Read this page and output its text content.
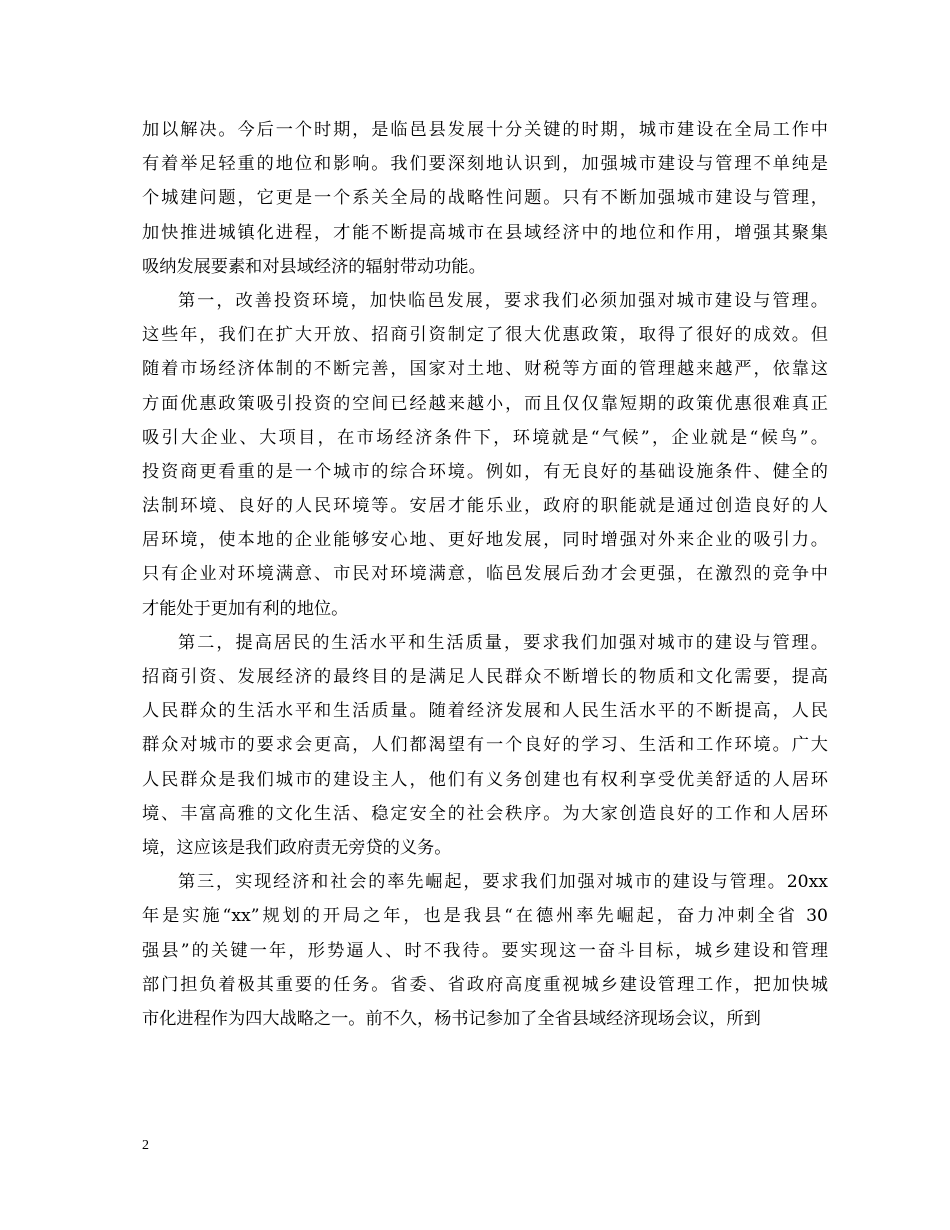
加以解决。今后一个时期，是临邑县发展十分关键的时期，城市建设在全局工作中
有着举足轻重的地位和影响。我们要深刻地认识到，加强城市建设与管理不单纯是
个城建问题，它更是一个系关全局的战略性问题。只有不断加强城市建设与管理，
加快推进城镇化进程，才能不断提高城市在县域经济中的地位和作用，增强其聚集
吸纳发展要素和对县域经济的辐射带动功能。
第一，改善投资环境，加快临邑发展，要求我们必须加强对城市建设与管理。
这些年，我们在扩大开放、招商引资制定了很大优惠政策，取得了很好的成效。但
随着市场经济体制的不断完善，国家对土地、财税等方面的管理越来越严，依靠这
方面优惠政策吸引投资的空间已经越来越小，而且仅仅靠短期的政策优惠很难真正
吸引大企业、大项目，在市场经济条件下，环境就是“气候”，企业就是“候鸟”。
投资商更看重的是一个城市的综合环境。例如，有无良好的基础设施条件、健全的
法制环境、良好的人民环境等。安居才能乐业，政府的职能就是通过创造良好的人
居环境，使本地的企业能够安心地、更好地发展，同时增强对外来企业的吸引力。
只有企业对环境满意、市民对环境满意，临邑发展后劲才会更强，在激烈的竞争中
才能处于更加有利的地位。
第二，提高居民的生活水平和生活质量，要求我们加强对城市的建设与管理。
招商引资、发展经济的最终目的是满足人民群众不断增长的物质和文化需要，提高
人民群众的生活水平和生活质量。随着经济发展和人民生活水平的不断提高，人民
群众对城市的要求会更高，人们都渴望有一个良好的学习、生活和工作环境。广大
人民群众是我们城市的建设主人，他们有义务创建也有权利享受优美舒适的人居环
境、丰富高雅的文化生活、稳定安全的社会秩序。为大家创造良好的工作和人居环
境，这应该是我们政府责无旁贷的义务。
第三，实现经济和社会的率先崛起，要求我们加强对城市的建设与管理。20xx
年是实施“xx”规划的开局之年，也是我县“在德州率先崛起，奋力冲刺全省 30
强县”的关键一年，形势逼人、时不我待。要实现这一奋斗目标，城乡建设和管理
部门担负着极其重要的任务。省委、省政府高度重视城乡建设管理工作，把加快城
市化进程作为四大战略之一。前不久，杨书记参加了全省县域经济现场会议，所到
2
